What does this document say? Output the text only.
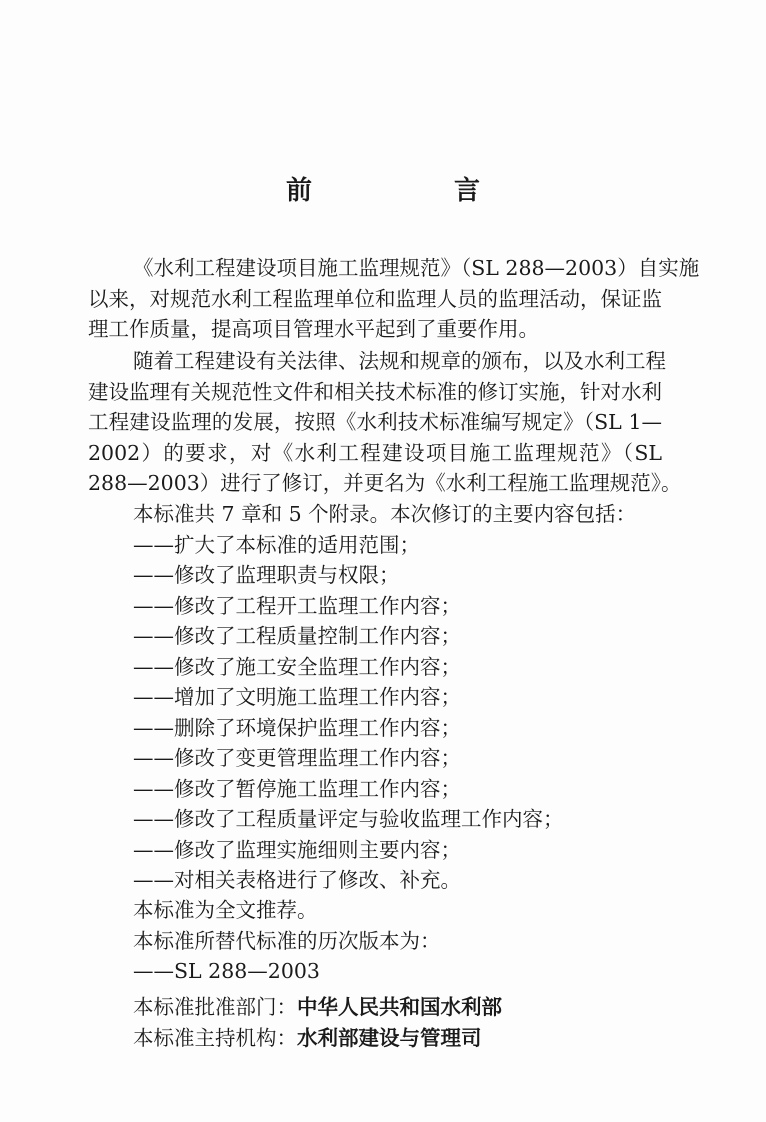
前　言
《水利工程建设项目施工监理规范》（SL 288—2003）自实施
以来，对规范水利工程监理单位和监理人员的监理活动，保证监
理工作质量，提高项目管理水平起到了重要作用。
随着工程建设有关法律、法规和规章的颁布，以及水利工程
建设监理有关规范性文件和相关技术标准的修订实施，针对水利
工程建设监理的发展，按照《水利技术标准编写规定》（SL 1—
2002）的要求，对《水利工程建设项目施工监理规范》（SL
288—2003）进行了修订，并更名为《水利工程施工监理规范》。
本标准共 7 章和 5 个附录。本次修订的主要内容包括：
——扩大了本标准的适用范围；
——修改了监理职责与权限；
——修改了工程开工监理工作内容；
——修改了工程质量控制工作内容；
——修改了施工安全监理工作内容；
——增加了文明施工监理工作内容；
——删除了环境保护监理工作内容；
——修改了变更管理监理工作内容；
——修改了暂停施工监理工作内容；
——修改了工程质量评定与验收监理工作内容；
——修改了监理实施细则主要内容；
——对相关表格进行了修改、补充。
本标准为全文推荐。
本标准所替代标准的历次版本为：
——SL 288—2003
本标准批准部门：中华人民共和国水利部
本标准主持机构：水利部建设与管理司
